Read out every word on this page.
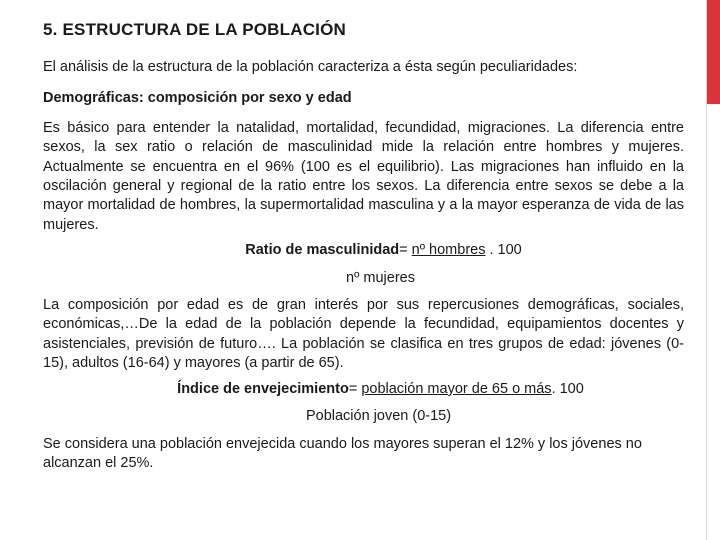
5. ESTRUCTURA DE LA POBLACIÓN

El análisis de la estructura de la población caracteriza a ésta según peculiaridades:

Demográficas: composición por sexo y edad

Es básico para entender la natalidad, mortalidad, fecundidad, migraciones. La diferencia entre sexos, la sex ratio o relación de masculinidad mide la relación entre hombres y mujeres. Actualmente se encuentra en el 96% (100 es el equilibrio). Las migraciones han influido en la oscilación general y regional de la ratio entre los sexos. La diferencia entre sexos se debe a la mayor mortalidad de hombres, la supermortalidad masculina y a la mayor esperanza de vida de las mujeres.

Ratio de masculinidad= nº hombres . 100

nº mujeres

La composición por edad es de gran interés por sus repercusiones demográficas, sociales, económicas,…De la edad de la población depende la fecundidad, equipamientos docentes y asistenciales, previsión de futuro…. La población se clasifica en tres grupos de edad: jóvenes (0-15), adultos (16-64) y mayores (a partir de 65).

Índice de envejecimiento= población mayor de 65 o más. 100

Población joven (0-15)

Se considera una población envejecida cuando los mayores superan el 12% y los jóvenes no alcanzan el 25%.
